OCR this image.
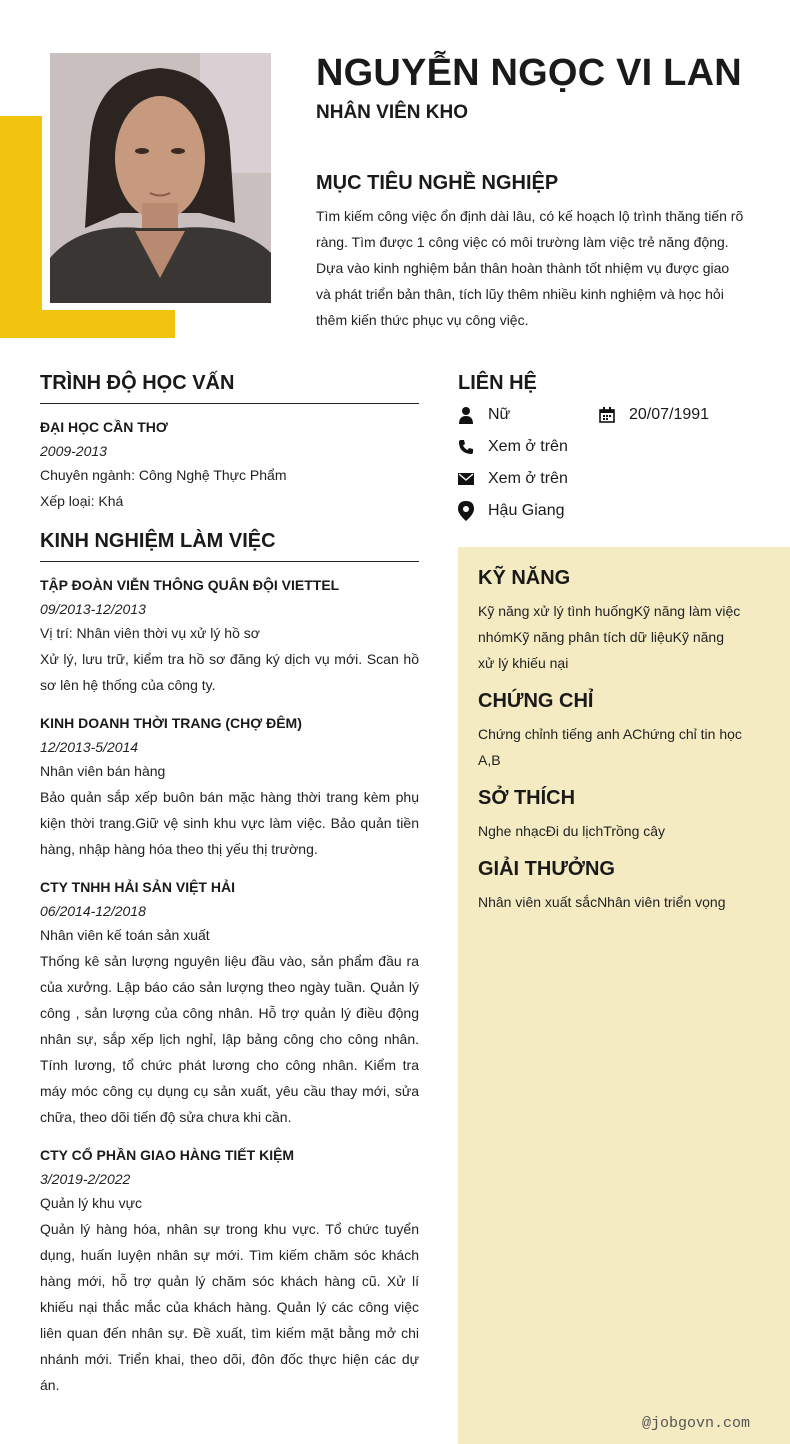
NGUYỄN NGỌC VI LAN
NHÂN VIÊN KHO
MỤC TIÊU NGHỀ NGHIỆP
Tìm kiếm công việc ổn định dài lâu, có kế hoạch lộ trình thăng tiến rõ ràng. Tìm được 1 công việc có môi trường làm việc trẻ năng động. Dựa vào kinh nghiệm bản thân hoàn thành tốt nhiệm vụ được giao và phát triển bản thân, tích lũy thêm nhiều kinh nghiệm và học hỏi thêm kiến thức phục vụ công việc.
TRÌNH ĐỘ HỌC VẤN
ĐẠI HỌC CẦN THƠ
2009-2013
Chuyên ngành: Công Nghệ Thực Phẩm
Xếp loại: Khá
KINH NGHIỆM LÀM VIỆC
TẬP ĐOÀN VIỄN THÔNG QUÂN ĐỘI VIETTEL
09/2013-12/2013
Vị trí: Nhân viên thời vụ xử lý hồ sơ
Xử lý, lưu trữ, kiểm tra hồ sơ đăng ký dịch vụ mới. Scan hồ sơ lên hệ thống của công ty.
KINH DOANH THỜI TRANG (CHỢ ĐÊM)
12/2013-5/2014
Nhân viên bán hàng
Bảo quản sắp xếp buôn bán mặc hàng thời trang kèm phụ kiện thời trang.Giữ vệ sinh khu vực làm việc. Bảo quản tiền hàng, nhập hàng hóa theo thị yếu thị trường.
CTY TNHH HẢI SẢN VIỆT HẢI
06/2014-12/2018
Nhân viên kế toán sản xuất
Thống kê sản lượng nguyên liệu đầu vào, sản phẩm đầu ra của xưởng. Lập báo cáo sản lượng theo ngày tuần. Quản lý công , sản lượng của công nhân. Hỗ trợ quản lý điều động nhân sự, sắp xếp lịch nghỉ, lập bảng công cho công nhân. Tính lương, tổ chức phát lương cho công nhân. Kiểm tra máy móc công cụ dụng cụ sản xuất, yêu cầu thay mới, sửa chữa, theo dõi tiến độ sửa chưa khi cần.
CTY CỔ PHẦN GIAO HÀNG TIẾT KIỆM
3/2019-2/2022
Quản lý khu vực
Quản lý hàng hóa, nhân sự trong khu vực. Tổ chức tuyển dụng, huấn luyện nhân sự mới. Tìm kiếm chăm sóc khách hàng mới, hỗ trợ quản lý chăm sóc khách hàng cũ. Xử lí khiếu nại thắc mắc của khách hàng. Quản lý các công việc liên quan đến nhân sự. Đề xuất, tìm kiếm mặt bằng mở chi nhánh mới. Triển khai, theo dõi, đôn đốc thực hiện các dự án.
LIÊN HỆ
Nữ	20/07/1991
Xem ở trên
Xem ở trên
Hậu Giang
KỸ NĂNG
Kỹ năng xử lý tình huốngKỹ năng làm việc nhómKỹ năng phân tích dữ liệuKỹ năng xử lý khiếu nại
CHỨNG CHỈ
Chứng chỉnh tiếng anh AChứng chỉ tin học A,B
SỞ THÍCH
Nghe nhạcĐi du lịchTrồng cây
GIẢI THƯỞNG
Nhân viên xuất sắcNhân viên triển vọng
@jobgovn.com
